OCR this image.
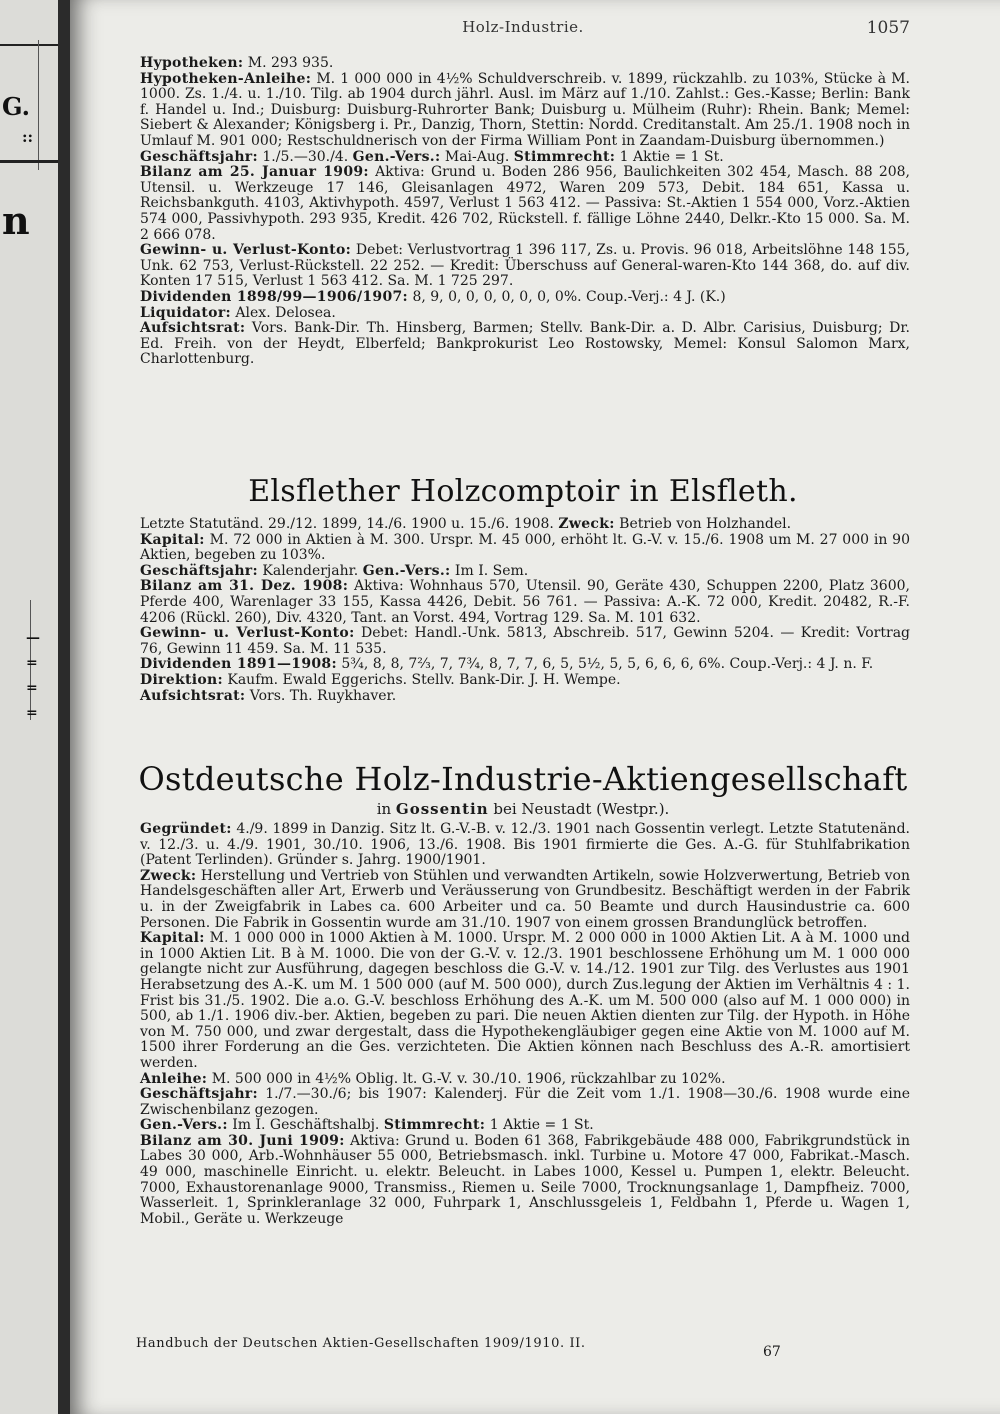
G.
::
n
—
=
=
=
Holz-Industrie.	1057

Hypotheken: M. 293 935.

Hypotheken-Anleihe: M. 1 000 000 in 4½% Schuldverschreib. v. 1899, rückzahlb. zu 103%, Stücke à M. 1000. Zs. 1./4. u. 1./10. Tilg. ab 1904 durch jährl. Ausl. im März auf 1./10. Zahlst.: Ges.-Kasse; Berlin: Bank f. Handel u. Ind.; Duisburg: Duisburg-Ruhrorter Bank; Duisburg u. Mülheim (Ruhr): Rhein. Bank; Memel: Siebert & Alexander; Königsberg i. Pr., Danzig, Thorn, Stettin: Nordd. Creditanstalt. Am 25./1. 1908 noch in Umlauf M. 901 000; Restschuldnerisch von der Firma William Pont in Zaandam-Duisburg übernommen.)

Geschäftsjahr: 1./5.—30./4. Gen.-Vers.: Mai-Aug. Stimmrecht: 1 Aktie = 1 St.

Bilanz am 25. Januar 1909: Aktiva: Grund u. Boden 286 956, Baulichkeiten 302 454, Masch. 88 208, Utensil. u. Werkzeuge 17 146, Gleisanlagen 4972, Waren 209 573, Debit. 184 651, Kassa u. Reichsbankguth. 4103, Aktivhypoth. 4597, Verlust 1 563 412. — Passiva: St.-Aktien 1 554 000, Vorz.-Aktien 574 000, Passivhypoth. 293 935, Kredit. 426 702, Rückstell. f. fällige Löhne 2440, Delkr.-Kto 15 000. Sa. M. 2 666 078.

Gewinn- u. Verlust-Konto: Debet: Verlustvortrag 1 396 117, Zs. u. Provis. 96 018, Arbeitslöhne 148 155, Unk. 62 753, Verlust-Rückstell. 22 252. — Kredit: Überschuss auf General-waren-Kto 144 368, do. auf div. Konten 17 515, Verlust 1 563 412. Sa. M. 1 725 297.

Dividenden 1898/99—1906/1907: 8, 9, 0, 0, 0, 0, 0, 0, 0%. Coup.-Verj.: 4 J. (K.)

Liquidator: Alex. Delosea.

Aufsichtsrat: Vors. Bank-Dir. Th. Hinsberg, Barmen; Stellv. Bank-Dir. a. D. Albr. Carisius, Duisburg; Dr. Ed. Freih. von der Heydt, Elberfeld; Bankprokurist Leo Rostowsky, Memel: Konsul Salomon Marx, Charlottenburg.

Elsflether Holzcomptoir in Elsfleth.

Letzte Statutänd. 29./12. 1899, 14./6. 1900 u. 15./6. 1908. Zweck: Betrieb von Holzhandel.

Kapital: M. 72 000 in Aktien à M. 300. Urspr. M. 45 000, erhöht lt. G.-V. v. 15./6. 1908 um M. 27 000 in 90 Aktien, begeben zu 103%.

Geschäftsjahr: Kalenderjahr. Gen.-Vers.: Im I. Sem.

Bilanz am 31. Dez. 1908: Aktiva: Wohnhaus 570, Utensil. 90, Geräte 430, Schuppen 2200, Platz 3600, Pferde 400, Warenlager 33 155, Kassa 4426, Debit. 56 761. — Passiva: A.-K. 72 000, Kredit. 20482, R.-F. 4206 (Rückl. 260), Div. 4320, Tant. an Vorst. 494, Vortrag 129. Sa. M. 101 632.

Gewinn- u. Verlust-Konto: Debet: Handl.-Unk. 5813, Abschreib. 517, Gewinn 5204. — Kredit: Vortrag 76, Gewinn 11 459. Sa. M. 11 535.

Dividenden 1891—1908: 5¾, 8, 8, 7⅔, 7, 7¾, 8, 7, 7, 6, 5, 5½, 5, 5, 6, 6, 6, 6%. Coup.-Verj.: 4 J. n. F.

Direktion: Kaufm. Ewald Eggerichs. Stellv. Bank-Dir. J. H. Wempe.

Aufsichtsrat: Vors. Th. Ruykhaver.

Ostdeutsche Holz-Industrie-Aktiengesellschaft
in Gossentin bei Neustadt (Westpr.).

Gegründet: 4./9. 1899 in Danzig. Sitz lt. G.-V.-B. v. 12./3. 1901 nach Gossentin verlegt. Letzte Statutenänd. v. 12./3. u. 4./9. 1901, 30./10. 1906, 13./6. 1908. Bis 1901 firmierte die Ges. A.-G. für Stuhlfabrikation (Patent Terlinden). Gründer s. Jahrg. 1900/1901.

Zweck: Herstellung und Vertrieb von Stühlen und verwandten Artikeln, sowie Holzverwertung, Betrieb von Handelsgeschäften aller Art, Erwerb und Veräusserung von Grundbesitz. Beschäftigt werden in der Fabrik u. in der Zweigfabrik in Labes ca. 600 Arbeiter und ca. 50 Beamte und durch Hausindustrie ca. 600 Personen. Die Fabrik in Gossentin wurde am 31./10. 1907 von einem grossen Brandunglück betroffen.

Kapital: M. 1 000 000 in 1000 Aktien à M. 1000. Urspr. M. 2 000 000 in 1000 Aktien Lit. A à M. 1000 und in 1000 Aktien Lit. B à M. 1000. Die von der G.-V. v. 12./3. 1901 beschlossene Erhöhung um M. 1 000 000 gelangte nicht zur Ausführung, dagegen beschloss die G.-V. v. 14./12. 1901 zur Tilg. des Verlustes aus 1901 Herabsetzung des A.-K. um M. 1 500 000 (auf M. 500 000), durch Zus.legung der Aktien im Verhältnis 4 : 1. Frist bis 31./5. 1902. Die a.o. G.-V. beschloss Erhöhung des A.-K. um M. 500 000 (also auf M. 1 000 000) in 500, ab 1./1. 1906 div.-ber. Aktien, begeben zu pari. Die neuen Aktien dienten zur Tilg. der Hypoth. in Höhe von M. 750 000, und zwar dergestalt, dass die Hypothekengläubiger gegen eine Aktie von M. 1000 auf M. 1500 ihrer Forderung an die Ges. verzichteten. Die Aktien können nach Beschluss des A.-R. amortisiert werden.

Anleihe: M. 500 000 in 4½% Oblig. lt. G.-V. v. 30./10. 1906, rückzahlbar zu 102%.

Geschäftsjahr: 1./7.—30./6; bis 1907: Kalenderj. Für die Zeit vom 1./1. 1908—30./6. 1908 wurde eine Zwischenbilanz gezogen.

Gen.-Vers.: Im I. Geschäftshalbj. Stimmrecht: 1 Aktie = 1 St.

Bilanz am 30. Juni 1909: Aktiva: Grund u. Boden 61 368, Fabrikgebäude 488 000, Fabrikgrundstück in Labes 30 000, Arb.-Wohnhäuser 55 000, Betriebsmasch. inkl. Turbine u. Motore 47 000, Fabrikat.-Masch. 49 000, maschinelle Einricht. u. elektr. Beleucht. in Labes 1000, Kessel u. Pumpen 1, elektr. Beleucht. 7000, Exhaustorenanlage 9000, Transmiss., Riemen u. Seile 7000, Trocknungsanlage 1, Dampfheiz. 7000, Wasserleit. 1, Sprinkleranlage 32 000, Fuhrpark 1, Anschlussgeleis 1, Feldbahn 1, Pferde u. Wagen 1, Mobil., Geräte u. Werkzeuge

Handbuch der Deutschen Aktien-Gesellschaften 1909/1910. II.
67
